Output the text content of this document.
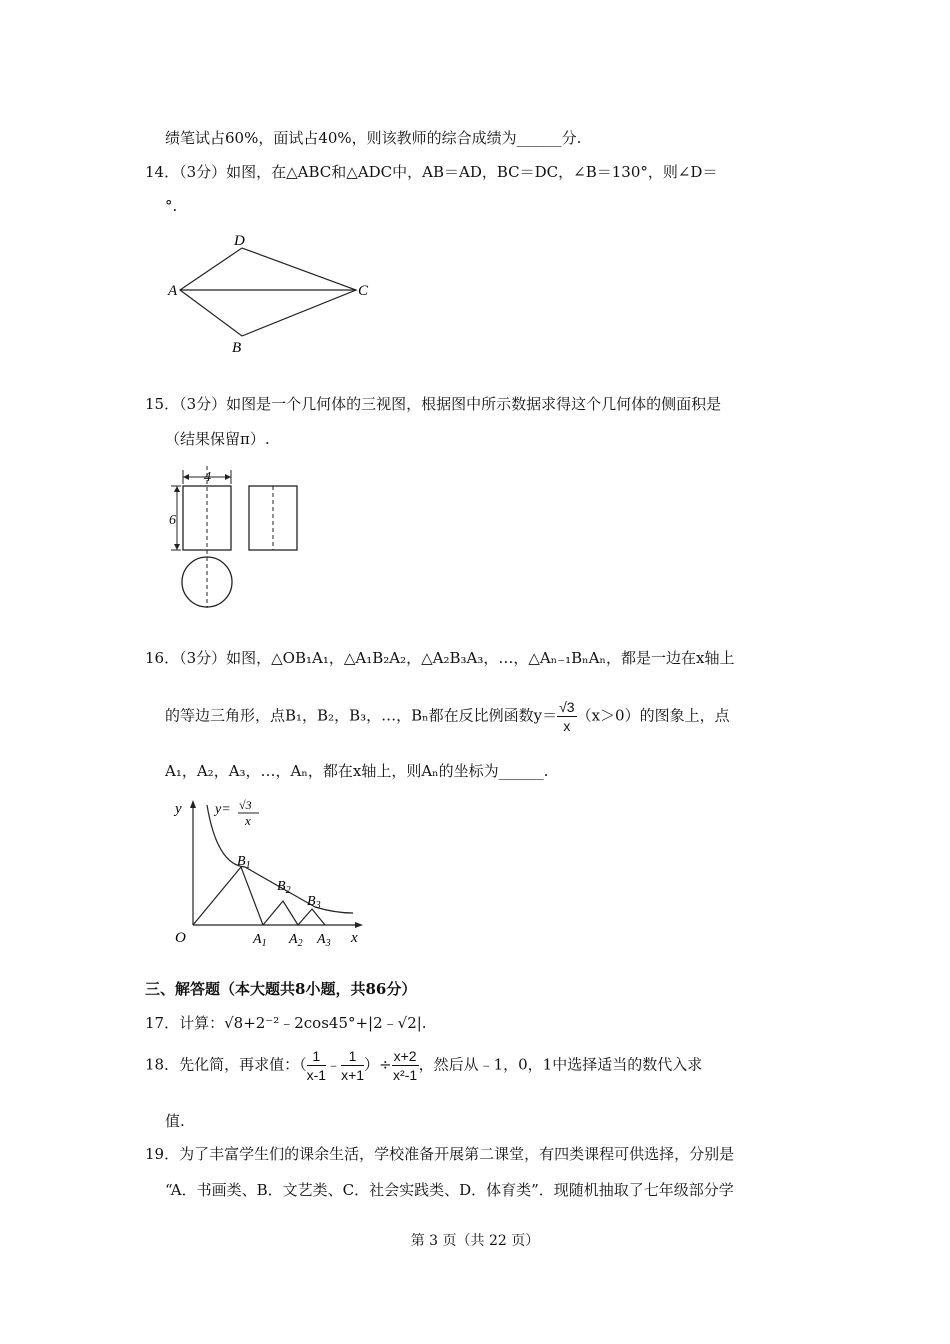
绩笔试占60%，面试占40%，则该教师的综合成绩为______分.
14．（3分）如图，在△ABC和△ADC中，AB＝AD，BC＝DC，∠B＝130°，则∠D＝
°.
D
A	C
B
15．（3分）如图是一个几何体的三视图，根据图中所示数据求得这个几何体的侧面积是
（结果保留π）.
4
6
16．（3分）如图，△OB₁A₁，△A₁B₂A₂，△A₂B₃A₃，…，△Aₙ₋₁BₙAₙ，都是一边在x轴上
的等边三角形，点B₁，B₂，B₃，…，Bₙ都在反比例函数$y= \frac{√3}{x} (x>0)$的图象上，点
A₁，A₂，A₃，…，Aₙ，都在x轴上，则Aₙ的坐标为______.
y y= √3
x
$B_1$
$B_2$
$B_3$
O	$A_1$ $A_2$ $A_3$ x
三、解答题（本大题共8小题，共86分）
17．计算：√8+2⁻²﹣2cos45°+|2﹣√2|.
18．先化简，再求值：（ $\frac{1}{x-1}$ ﹣ $\frac{1}{x+1}$ ）÷ $\frac{x+2}{\text{x²-1}}$ ，然后从﹣1，0，1中选择适当的数代入求
值.
19．为了丰富学生们的课余生活，学校准备开展第二课堂，有四类课程可供选择，分别是
“A．书画类、B．文艺类、C．社会实践类、D．体育类”．现随机抽取了七年级部分学
第 3 页（共 22 页）
